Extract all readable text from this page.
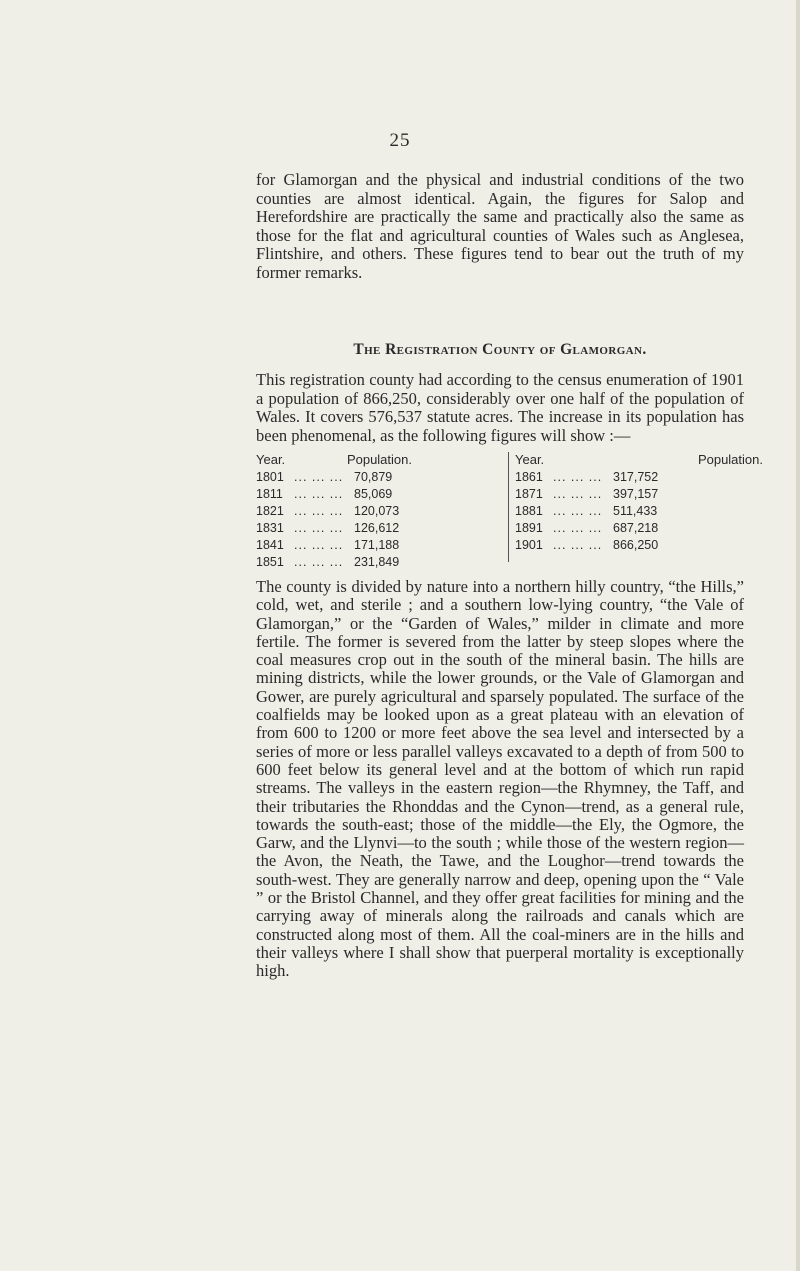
25

for Glamorgan and the physical and industrial conditions of the two counties are almost identical. Again, the figures for Salop and Herefordshire are practically the same and practically also the same as those for the flat and agricultural counties of Wales such as Anglesea, Flintshire, and others. These figures tend to bear out the truth of my former remarks.

The Registration County of Glamorgan.

This registration county had according to the census enumeration of 1901 a population of 866,250, considerably over one half of the population of Wales. It covers 576,537 statute acres. The increase in its population has been phenomenal, as the following figures will show :—

Year.	Population.
1801 ... ... ... 70,879
1811 ... ... ... 85,069
1821 ... ... ... 120,073
1831 ... ... ... 126,612
1841 ... ... ... 171,188
1851 ... ... ... 231,849
Year.	Population.
1861 ... ... ... 317,752
1871 ... ... ... 397,157
1881 ... ... ... 511,433
1891 ... ... ... 687,218
1901 ... ... ... 866,250

The county is divided by nature into a northern hilly country, “the Hills,” cold, wet, and sterile ; and a southern low-lying country, “the Vale of Glamorgan,” or the “Garden of Wales,” milder in climate and more fertile. The former is severed from the latter by steep slopes where the coal measures crop out in the south of the mineral basin. The hills are mining districts, while the lower grounds, or the Vale of Glamorgan and Gower, are purely agricultural and sparsely populated. The surface of the coalfields may be looked upon as a great plateau with an elevation of from 600 to 1200 or more feet above the sea level and intersected by a series of more or less parallel valleys excavated to a depth of from 500 to 600 feet below its general level and at the bottom of which run rapid streams. The valleys in the eastern region—the Rhymney, the Taff, and their tributaries the Rhonddas and the Cynon—trend, as a general rule, towards the south-east; those of the middle—the Ely, the Ogmore, the Garw, and the Llynvi—to the south ; while those of the western region—the Avon, the Neath, the Tawe, and the Loughor—trend towards the south-west. They are generally narrow and deep, opening upon the “ Vale ” or the Bristol Channel, and they offer great facilities for mining and the carrying away of minerals along the railroads and canals which are constructed along most of them. All the coal-miners are in the hills and their valleys where I shall show that puerperal mortality is exceptionally high.
